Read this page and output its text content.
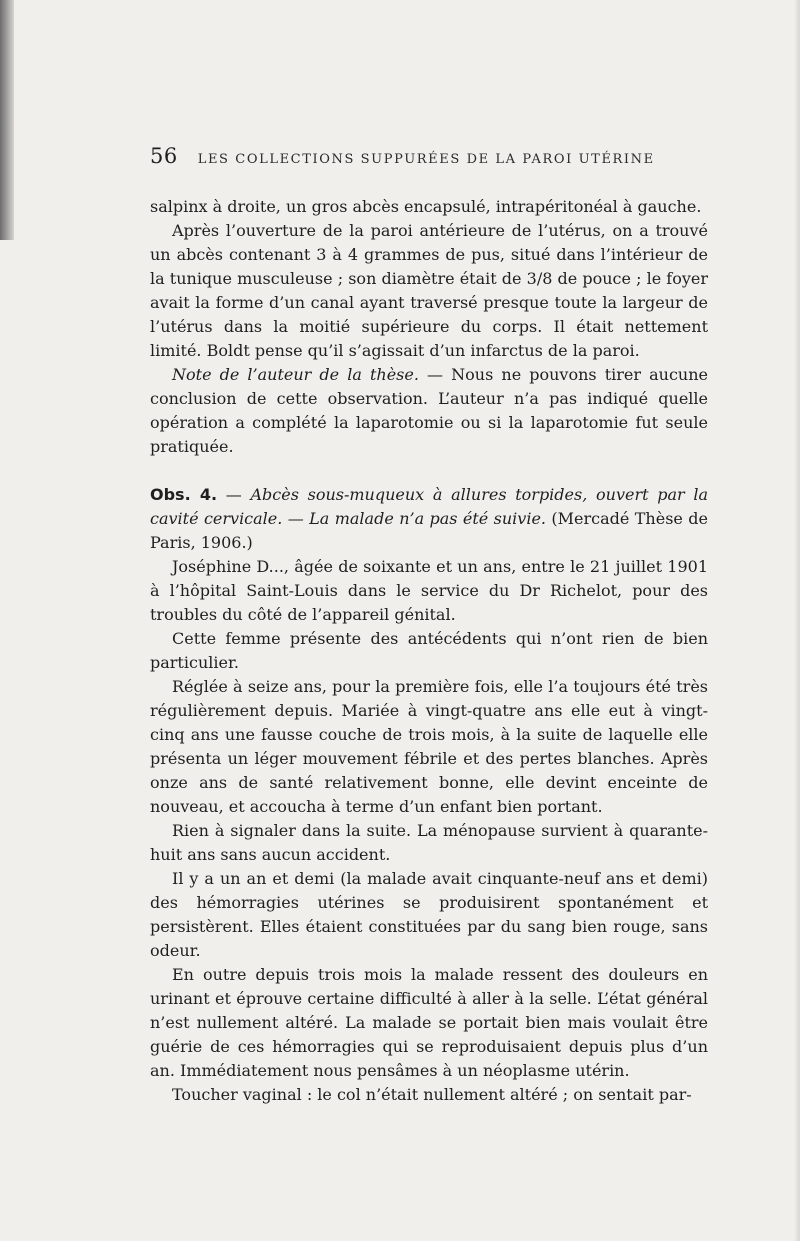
56 LES COLLECTIONS SUPPURÉES DE LA PAROI UTÉRINE

salpinx à droite, un gros abcès encapsulé, intrapéritonéal à gauche.

Après l’ouverture de la paroi antérieure de l’utérus, on a trouvé un abcès contenant 3 à 4 grammes de pus, situé dans l’intérieur de la tunique musculeuse ; son diamètre était de 3/8 de pouce ; le foyer avait la forme d’un canal ayant traversé presque toute la largeur de l’utérus dans la moitié supérieure du corps. Il était nettement limité. Boldt pense qu’il s’agissait d’un infarctus de la paroi.

Note de l’auteur de la thèse. — Nous ne pouvons tirer aucune conclusion de cette observation. L’auteur n’a pas indiqué quelle opération a complété la laparotomie ou si la laparotomie fut seule pratiquée.

Obs. 4. — Abcès sous-muqueux à allures torpides, ouvert par la cavité cervicale. — La malade n’a pas été suivie. (Mercadé Thèse de Paris, 1906.)

Joséphine D..., âgée de soixante et un ans, entre le 21 juillet 1901 à l’hôpital Saint-Louis dans le service du Dr Richelot, pour des troubles du côté de l’appareil génital.

Cette femme présente des antécédents qui n’ont rien de bien particulier.

Réglée à seize ans, pour la première fois, elle l’a toujours été très régulièrement depuis. Mariée à vingt-quatre ans elle eut à vingt-cinq ans une fausse couche de trois mois, à la suite de laquelle elle présenta un léger mouvement fébrile et des pertes blanches. Après onze ans de santé relativement bonne, elle devint enceinte de nouveau, et accoucha à terme d’un enfant bien portant.

Rien à signaler dans la suite. La ménopause survient à quarante-huit ans sans aucun accident.

Il y a un an et demi (la malade avait cinquante-neuf ans et demi) des hémorragies utérines se produisirent spontanément et persistèrent. Elles étaient constituées par du sang bien rouge, sans odeur.

En outre depuis trois mois la malade ressent des douleurs en urinant et éprouve certaine difficulté à aller à la selle. L’état général n’est nullement altéré. La malade se portait bien mais voulait être guérie de ces hémorragies qui se reproduisaient depuis plus d’un an. Immédiatement nous pensâmes à un néoplasme utérin.

Toucher vaginal : le col n’était nullement altéré ; on sentait par-
